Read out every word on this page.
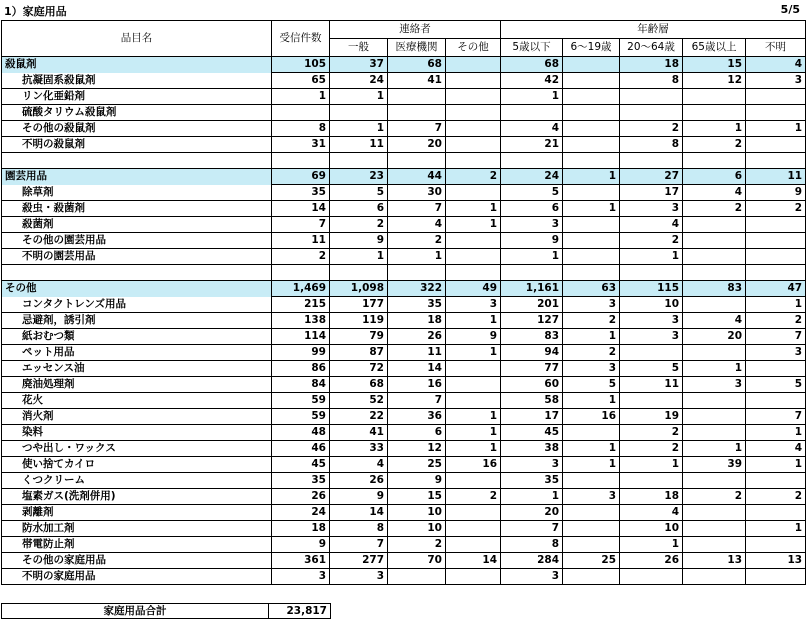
1）家庭用品	5/5
品目名	受信件数	連絡者			年齢層				
		一般	医療機関	その他	5歳以下	6～19歳	20～64歳	65歳以上	不明
殺鼠剤	105	37	68		68		18	15	4
抗凝固系殺鼠剤	65	24	41		42		8	12	3
リン化亜鉛剤	1	1			1				
硫酸タリウム殺鼠剤									
その他の殺鼠剤	8	1	7		4		2	1	1
不明の殺鼠剤	31	11	20		21		8	2	

園芸用品	69	23	44	2	24	1	27	6	11
除草剤	35	5	30		5		17	4	9
殺虫・殺菌剤	14	6	7	1	6	1	3	2	2
殺菌剤	7	2	4	1	3		4		
その他の園芸用品	11	9	2		9		2		
不明の園芸用品	2	1	1		1		1		

その他	1,469	1,098	322	49	1,161	63	115	83	47
コンタクトレンズ用品	215	177	35	3	201	3	10		1
忌避剤，誘引剤	138	119	18	1	127	2	3	4	2
紙おむつ類	114	79	26	9	83	1	3	20	7
ペット用品	99	87	11	1	94	2			3
エッセンス油	86	72	14		77	3	5	1	
廃油処理剤	84	68	16		60	5	11	3	5
花火	59	52	7		58	1			
消火剤	59	22	36	1	17	16	19		7
染料	48	41	6	1	45		2		1
つや出し・ワックス	46	33	12	1	38	1	2	1	4
使い捨てカイロ	45	4	25	16	3	1	1	39	1
くつクリーム	35	26	9		35				
塩素ガス(洗剤併用)	26	9	15	2	1	3	18	2	2
剥離剤	24	14	10		20		4		
防水加工剤	18	8	10		7		10		1
帯電防止剤	9	7	2		8		1		
その他の家庭用品	361	277	70	14	284	25	26	13	13
不明の家庭用品	3	3			3				
家庭用品合計	23,817
